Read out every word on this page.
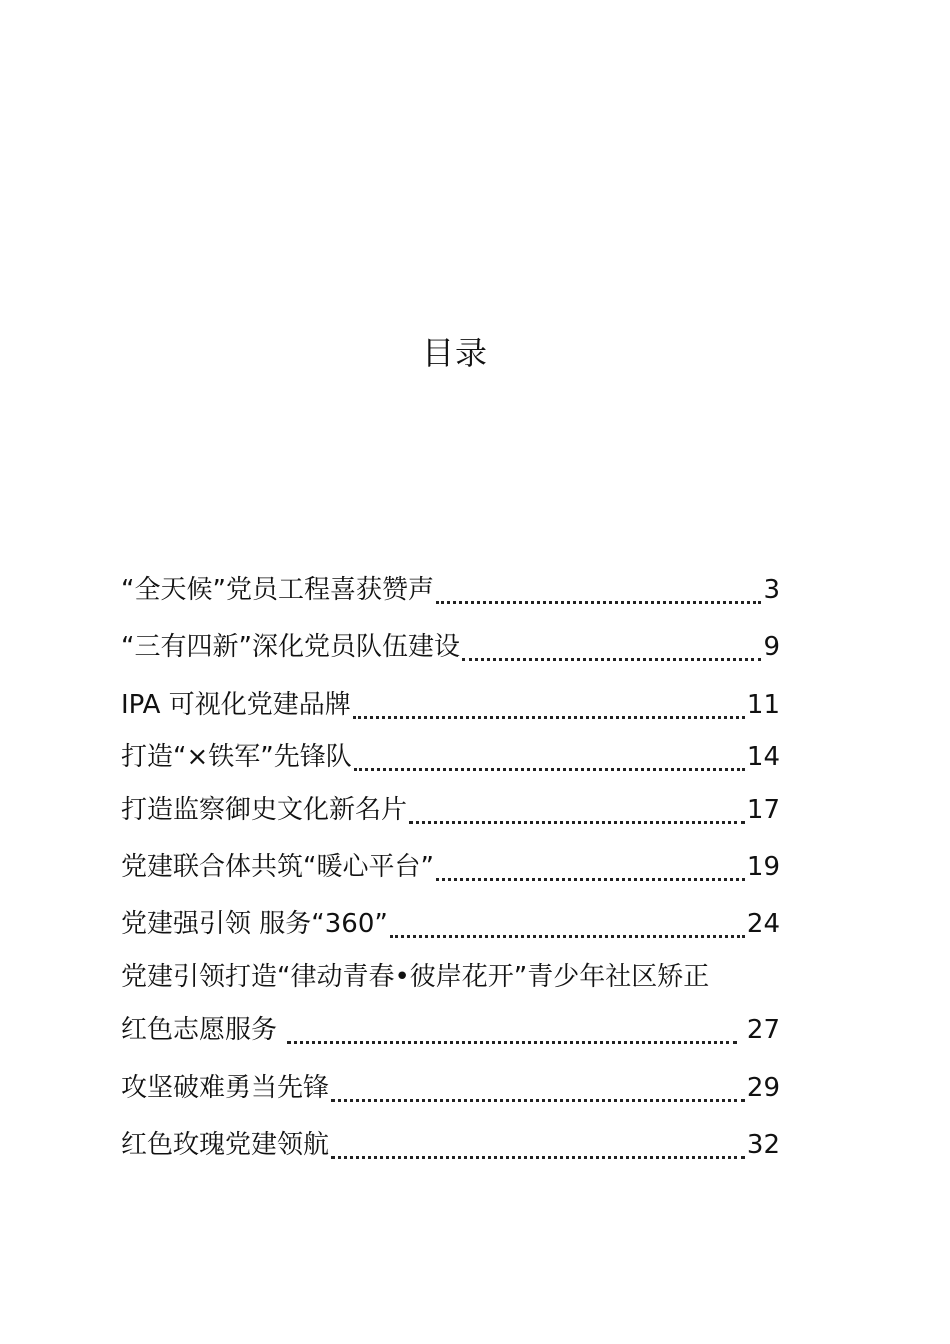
目录
“全天候”党员工程喜获赞声	3
“三有四新”深化党员队伍建设	9
IPA 可视化党建品牌	11
打造“×铁军”先锋队	14
打造监察御史文化新名片	17
党建联合体共筑“暖心平台”	19
党建强引领 服务“360”	24
党建引领打造“律动青春•彼岸花开”青少年社区矫正
红色志愿服务	27
攻坚破难勇当先锋	29
红色玫瑰党建领航	32
